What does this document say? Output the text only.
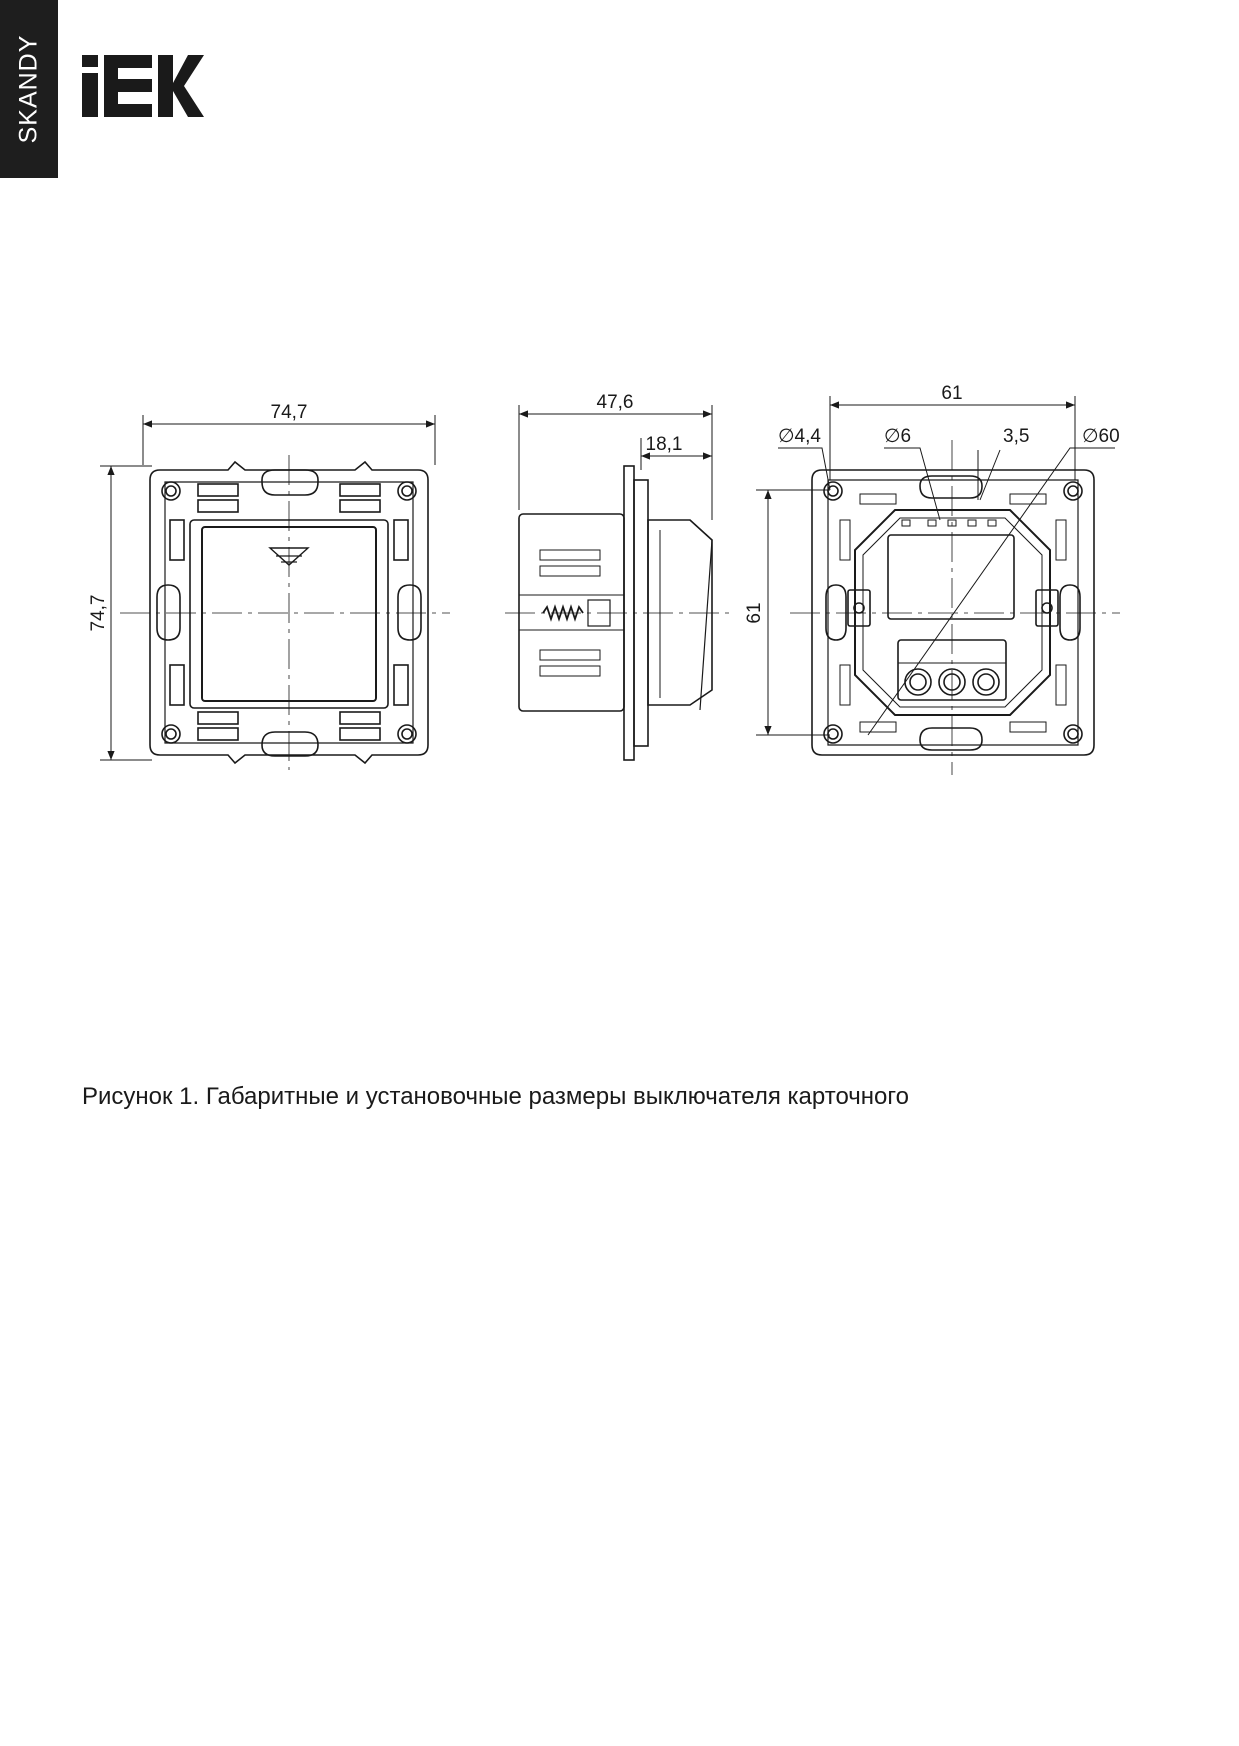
SKANDY
74,7
74,7
47,6
18,1
61
61
∅4,4	∅6	3,5	∅60
Рисунок 1. Габаритные и установочные размеры выключателя карточного
